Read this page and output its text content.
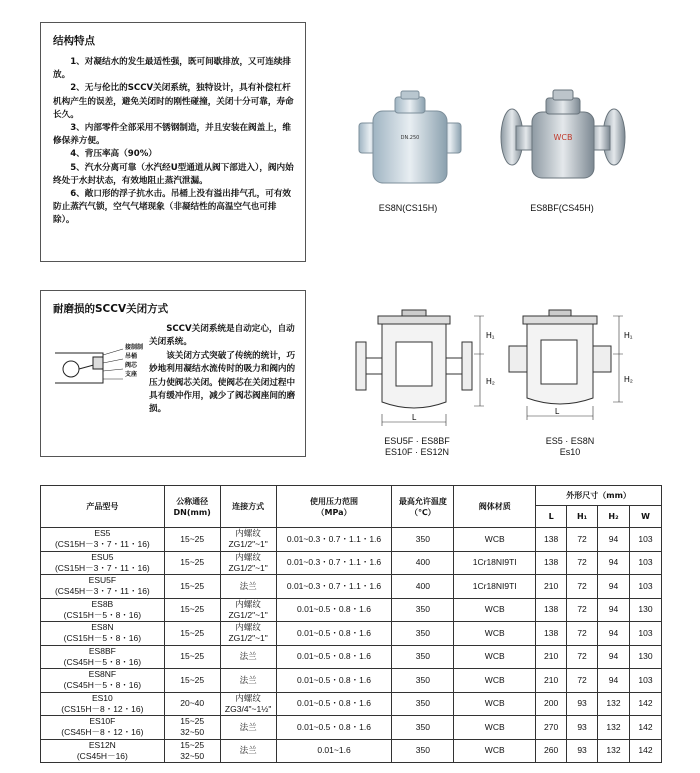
结构特点

1、对凝结水的发生最适性强，既可间歇排放，又可连续排放。

2、无与伦比的SCCV关闭系统，独特设计，具有补偿杠杆机构产生的误差，避免关闭时的刚性碰撞，关闭十分可靠，寿命长久。

3、内部零件全部采用不锈钢制造，并且安装在阀盖上，维修保养方便。

4、背压率高（90%）

5、汽水分离可靠（水汽经U型通道从阀下部进入），阀内始终处于水封状态，有效地阻止蒸汽泄漏。

6、敞口形的浮子抗水击。吊桶上没有溢出排气孔，可有效防止蒸汽气锁，空气气堵现象（非凝结性的高温空气也可排除）。

DN.250
ES8N(CS15H)
WCB
ES8BF(CS45H)
耐磨损的SCCV关闭方式
接制制
吊桶
阀芯
支座

SCCV关闭系统是自动定心，自动关闭系统。

该关闭方式突破了传统的统计，巧妙地利用凝结水流传时的吸力和阀内的压力使阀芯关闭。使阀芯在关闭过程中具有缓冲作用，减少了阀芯阀座间的磨损。

H₁
H₂
L
ESU5F · ES8BF
ES10F · ES12N
H₁
H₂
L
ES5 · ES8N
Es10
产品型号	公称通径
DN(mm)	连接方式	使用压力范围
（MPa）	最高允许温度
（℃）	阀体材质	外形尺寸（mm）			
						L	H₁	H₂	W

ES5
(CS15H－3・7・11・16)	15~25	内螺纹
ZG1/2"~1"	0.01~0.3・0.7・1.1・1.6	350	WCB	138	72	94	103

ESU5
(CS15H－3・7・11・16)	15~25	内螺纹
ZG1/2"~1"	0.01~0.3・0.7・1.1・1.6	400	1Cr18NI9TI	138	72	94	103

ESU5F
(CS45H－3・7・11・16)	15~25	法兰	0.01~0.3・0.7・1.1・1.6	400	1Cr18NI9TI	210	72	94	103

ES8B
(CS15H－5・8・16)	15~25	内螺纹
ZG1/2"~1"	0.01~0.5・0.8・1.6	350	WCB	138	72	94	130

ES8N
(CS15H－5・8・16)	15~25	内螺纹
ZG1/2"~1"	0.01~0.5・0.8・1.6	350	WCB	138	72	94	103

ES8BF
(CS45H－5・8・16)	15~25	法兰	0.01~0.5・0.8・1.6	350	WCB	210	72	94	130

ES8NF
(CS45H－5・8・16)	15~25	法兰	0.01~0.5・0.8・1.6	350	WCB	210	72	94	103

ES10
(CS15H－8・12・16)	20~40	内螺纹
ZG3/4"~1½"	0.01~0.5・0.8・1.6	350	WCB	200	93	132	142

ES10F
(CS45H－8・12・16)	15~25
32~50	法兰	0.01~0.5・0.8・1.6	350	WCB	270	93	132	142

ES12N
(CS45H－16)	15~25
32~50	法兰	0.01~1.6	350	WCB	260	93	132	142
